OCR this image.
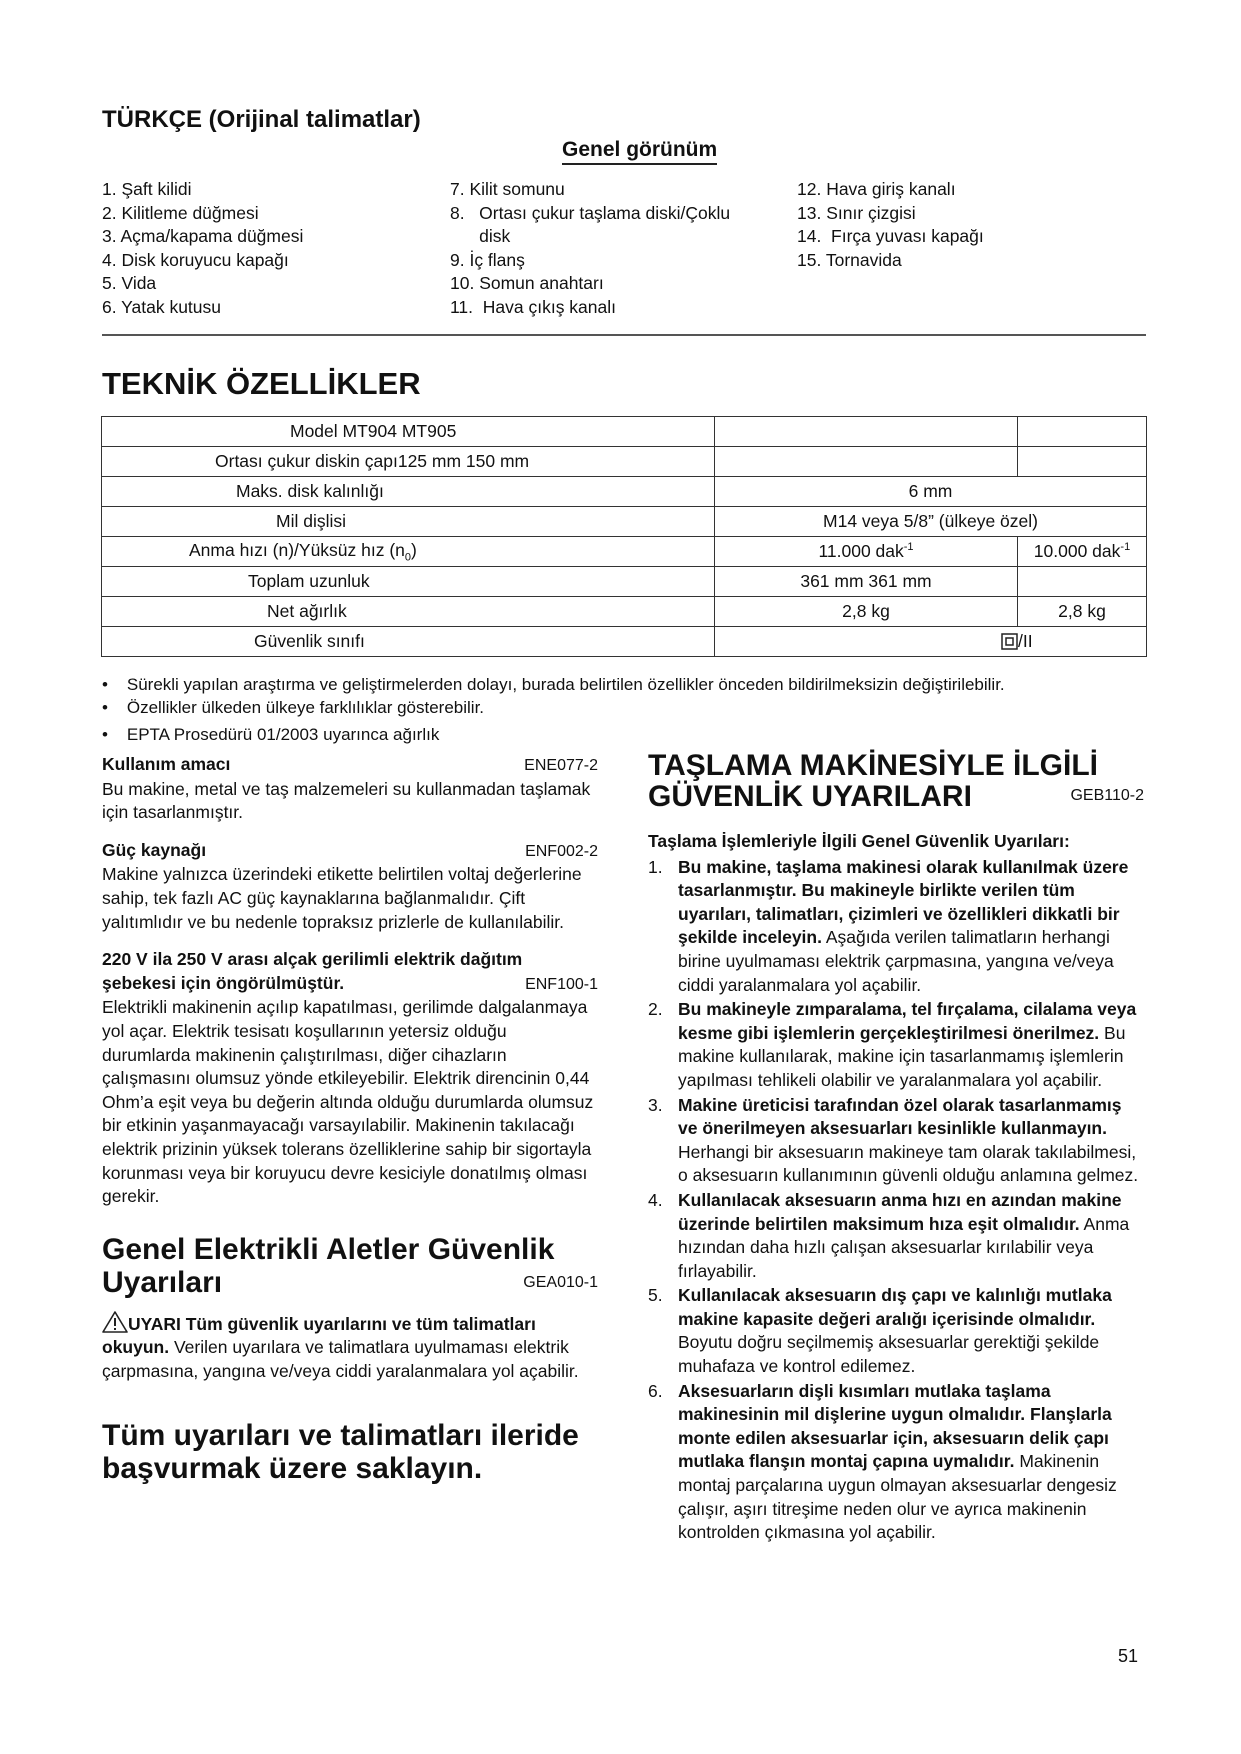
TÜRKÇE (Orijinal talimatlar)
Genel görünüm
1. Şaft kilidi
2. Kilitleme düğmesi
3. Açma/kapama düğmesi
4. Disk koruyucu kapağı
5. Vida
6. Yatak kutusu
7. Kilit somunu
8.   Ortası çukur taşlama diski/Çoklu
disk
9. İç flanş
10. Somun anahtarı
11.  Hava çıkış kanalı
12. Hava giriş kanalı
13. Sınır çizgisi
14.  Fırça yuvası kapağı
15. Tornavida
TEKNİK ÖZELLİKLER
Model MT904 MT905		

Ortası çukur diskin çapı125 mm 150 mm		

Maks. disk kalınlığı	6 mm	
Mil dişlisi	M14 veya 5/8” (ülkeye özel)	
Anma hızı (n)/Yüksüz hız $(n_0)$	11.000 dak$^{-1}$	10.000 dak$^{-1}$
Toplam uzunluk	361 mm 361 mm	
Net ağırlık	2,8 kg	2,8 kg
Güvenlik sınıfı	/II	
•    Sürekli yapılan araştırma ve geliştirmelerden dolayı, burada belirtilen özellikler önceden bildirilmeksizin değiştirilebilir.
•    Özellikler ülkeden ülkeye farklılıklar gösterebilir.
•    EPTA Prosedürü 01/2003 uyarınca ağırlık
Kullanım amacı	ENE077-2
Bu makine, metal ve taş malzemeleri su kullanmadan taşlamak için tasarlanmıştır.
Güç kaynağı	ENF002-2
Makine yalnızca üzerindeki etikette belirtilen voltaj değerlerine sahip, tek fazlı AC güç kaynaklarına bağlanmalıdır. Çift yalıtımlıdır ve bu nedenle topraksız prizlerle de kullanılabilir.
220 V ila 250 V arası alçak gerilimli elektrik dağıtım
şebekesi için öngörülmüştür.	ENF100-1
Elektrikli makinenin açılıp kapatılması, gerilimde dalgalanmaya yol açar. Elektrik tesisatı koşullarının yetersiz olduğu durumlarda makinenin çalıştırılması, diğer cihazların çalışmasını olumsuz yönde etkileyebilir. Elektrik direncinin 0,44 Ohm’a eşit veya bu değerin altında olduğu durumlarda olumsuz bir etkinin yaşanmayacağı varsayılabilir. Makinenin takılacağı elektrik prizinin yüksek tolerans özelliklerine sahip bir sigortayla korunması veya bir koruyucu devre kesiciyle donatılmış olması gerekir.
Genel Elektrikli Aletler Güvenlik
Uyarıları	GEA010-1
UYARI Tüm güvenlik uyarılarını ve tüm talimatları okuyun. Verilen uyarılara ve talimatlara uyulmaması elektrik çarpmasına, yangına ve/veya ciddi yaralanmalara yol açabilir.
Tüm uyarıları ve talimatları ileride başvurmak üzere saklayın.
TAŞLAMA MAKİNESİYLE İLGİLİ
GÜVENLİK UYARILARI	GEB110-2
Taşlama İşlemleriyle İlgili Genel Güvenlik Uyarıları:
1. Bu makine, taşlama makinesi olarak kullanılmak üzere tasarlanmıştır. Bu makineyle birlikte verilen tüm uyarıları, talimatları, çizimleri ve özellikleri dikkatli bir şekilde inceleyin. Aşağıda verilen talimatların herhangi birine uyulmaması elektrik çarpmasına, yangına ve/veya ciddi yaralanmalara yol açabilir.
2. Bu makineyle zımparalama, tel fırçalama, cilalama veya kesme gibi işlemlerin gerçekleştirilmesi önerilmez. Bu makine kullanılarak, makine için tasarlanmamış işlemlerin yapılması tehlikeli olabilir ve yaralanmalara yol açabilir.
3. Makine üreticisi tarafından özel olarak tasarlanmamış ve önerilmeyen aksesuarları kesinlikle kullanmayın. Herhangi bir aksesuarın makineye tam olarak takılabilmesi, o aksesuarın kullanımının güvenli olduğu anlamına gelmez.
4. Kullanılacak aksesuarın anma hızı en azından makine üzerinde belirtilen maksimum hıza eşit olmalıdır. Anma hızından daha hızlı çalışan aksesuarlar kırılabilir veya fırlayabilir.
5. Kullanılacak aksesuarın dış çapı ve kalınlığı mutlaka makine kapasite değeri aralığı içerisinde olmalıdır. Boyutu doğru seçilmemiş aksesuarlar gerektiği şekilde muhafaza ve kontrol edilemez.
6. Aksesuarların dişli kısımları mutlaka taşlama makinesinin mil dişlerine uygun olmalıdır. Flanşlarla monte edilen aksesuarlar için, aksesuarın delik çapı mutlaka flanşın montaj çapına uymalıdır. Makinenin montaj parçalarına uygun olmayan aksesuarlar dengesiz çalışır, aşırı titreşime neden olur ve ayrıca makinenin kontrolden çıkmasına yol açabilir.
51
